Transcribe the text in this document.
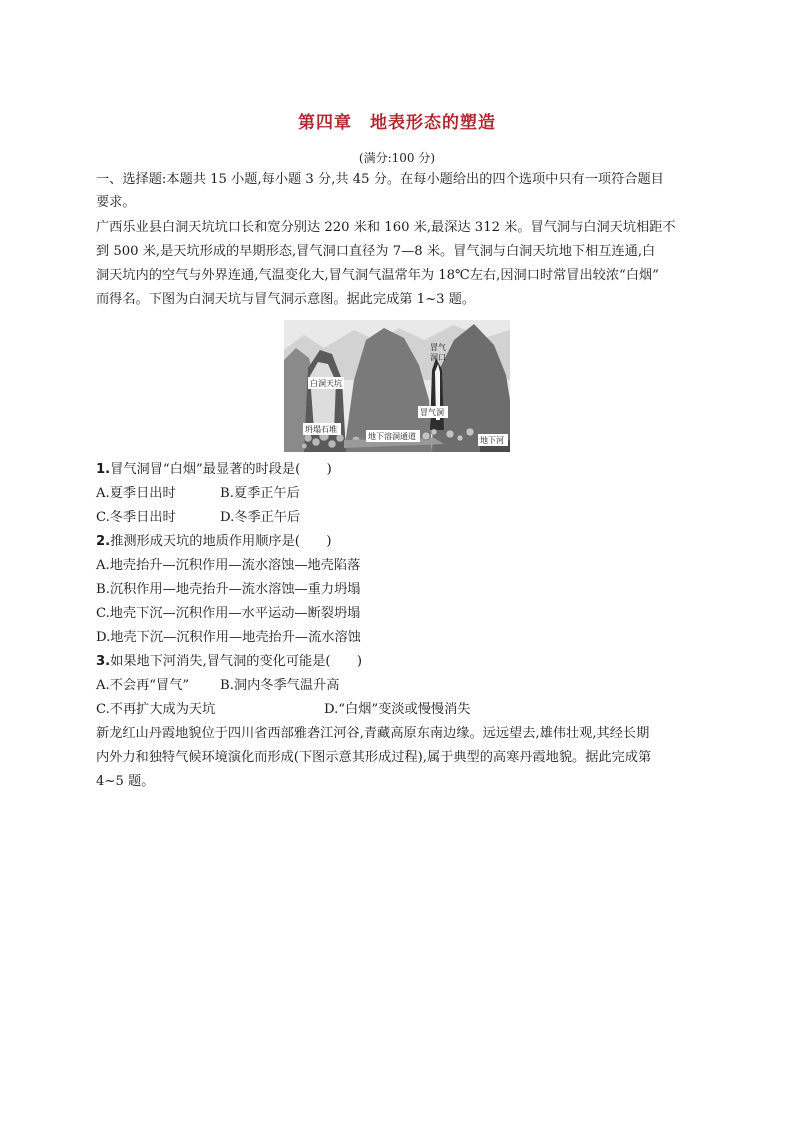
第四章 地表形态的塑造
(满分:100 分)
一、选择题:本题共 15 小题,每小题 3 分,共 45 分。在每小题给出的四个选项中只有一项符合题目
要求。
广西乐业县白洞天坑坑口长和宽分别达 220 米和 160 米,最深达 312 米。冒气洞与白洞天坑相距不
到 500 米,是天坑形成的早期形态,冒气洞口直径为 7—8 米。冒气洞与白洞天坑地下相互连通,白
洞天坑内的空气与外界连通,气温变化大,冒气洞气温常年为 18℃左右,因洞口时常冒出较浓“白烟”
而得名。下图为白洞天坑与冒气洞示意图。据此完成第 1~3 题。
白洞天坑
坍塌石堆
地下溶洞通道
冒气
洞口
冒气洞
地下河
1.冒气洞冒“白烟”最显著的时段是(　　)
A.夏季日出时	B.夏季正午后
C.冬季日出时	D.冬季正午后
2.推测形成天坑的地质作用顺序是(　　)
A.地壳抬升—沉积作用—流水溶蚀—地壳陷落
B.沉积作用—地壳抬升—流水溶蚀—重力坍塌
C.地壳下沉—沉积作用—水平运动—断裂坍塌
D.地壳下沉—沉积作用—地壳抬升—流水溶蚀
3.如果地下河消失,冒气洞的变化可能是(　　)
A.不会再“冒气” B.洞内冬季气温升高
C.不再扩大成为天坑	D.“白烟”变淡或慢慢消失
新龙红山丹霞地貌位于四川省西部雅砻江河谷,青藏高原东南边缘。远远望去,雄伟壮观,其经长期
内外力和独特气候环境演化而形成(下图示意其形成过程),属于典型的高寒丹霞地貌。据此完成第
4~5 题。
